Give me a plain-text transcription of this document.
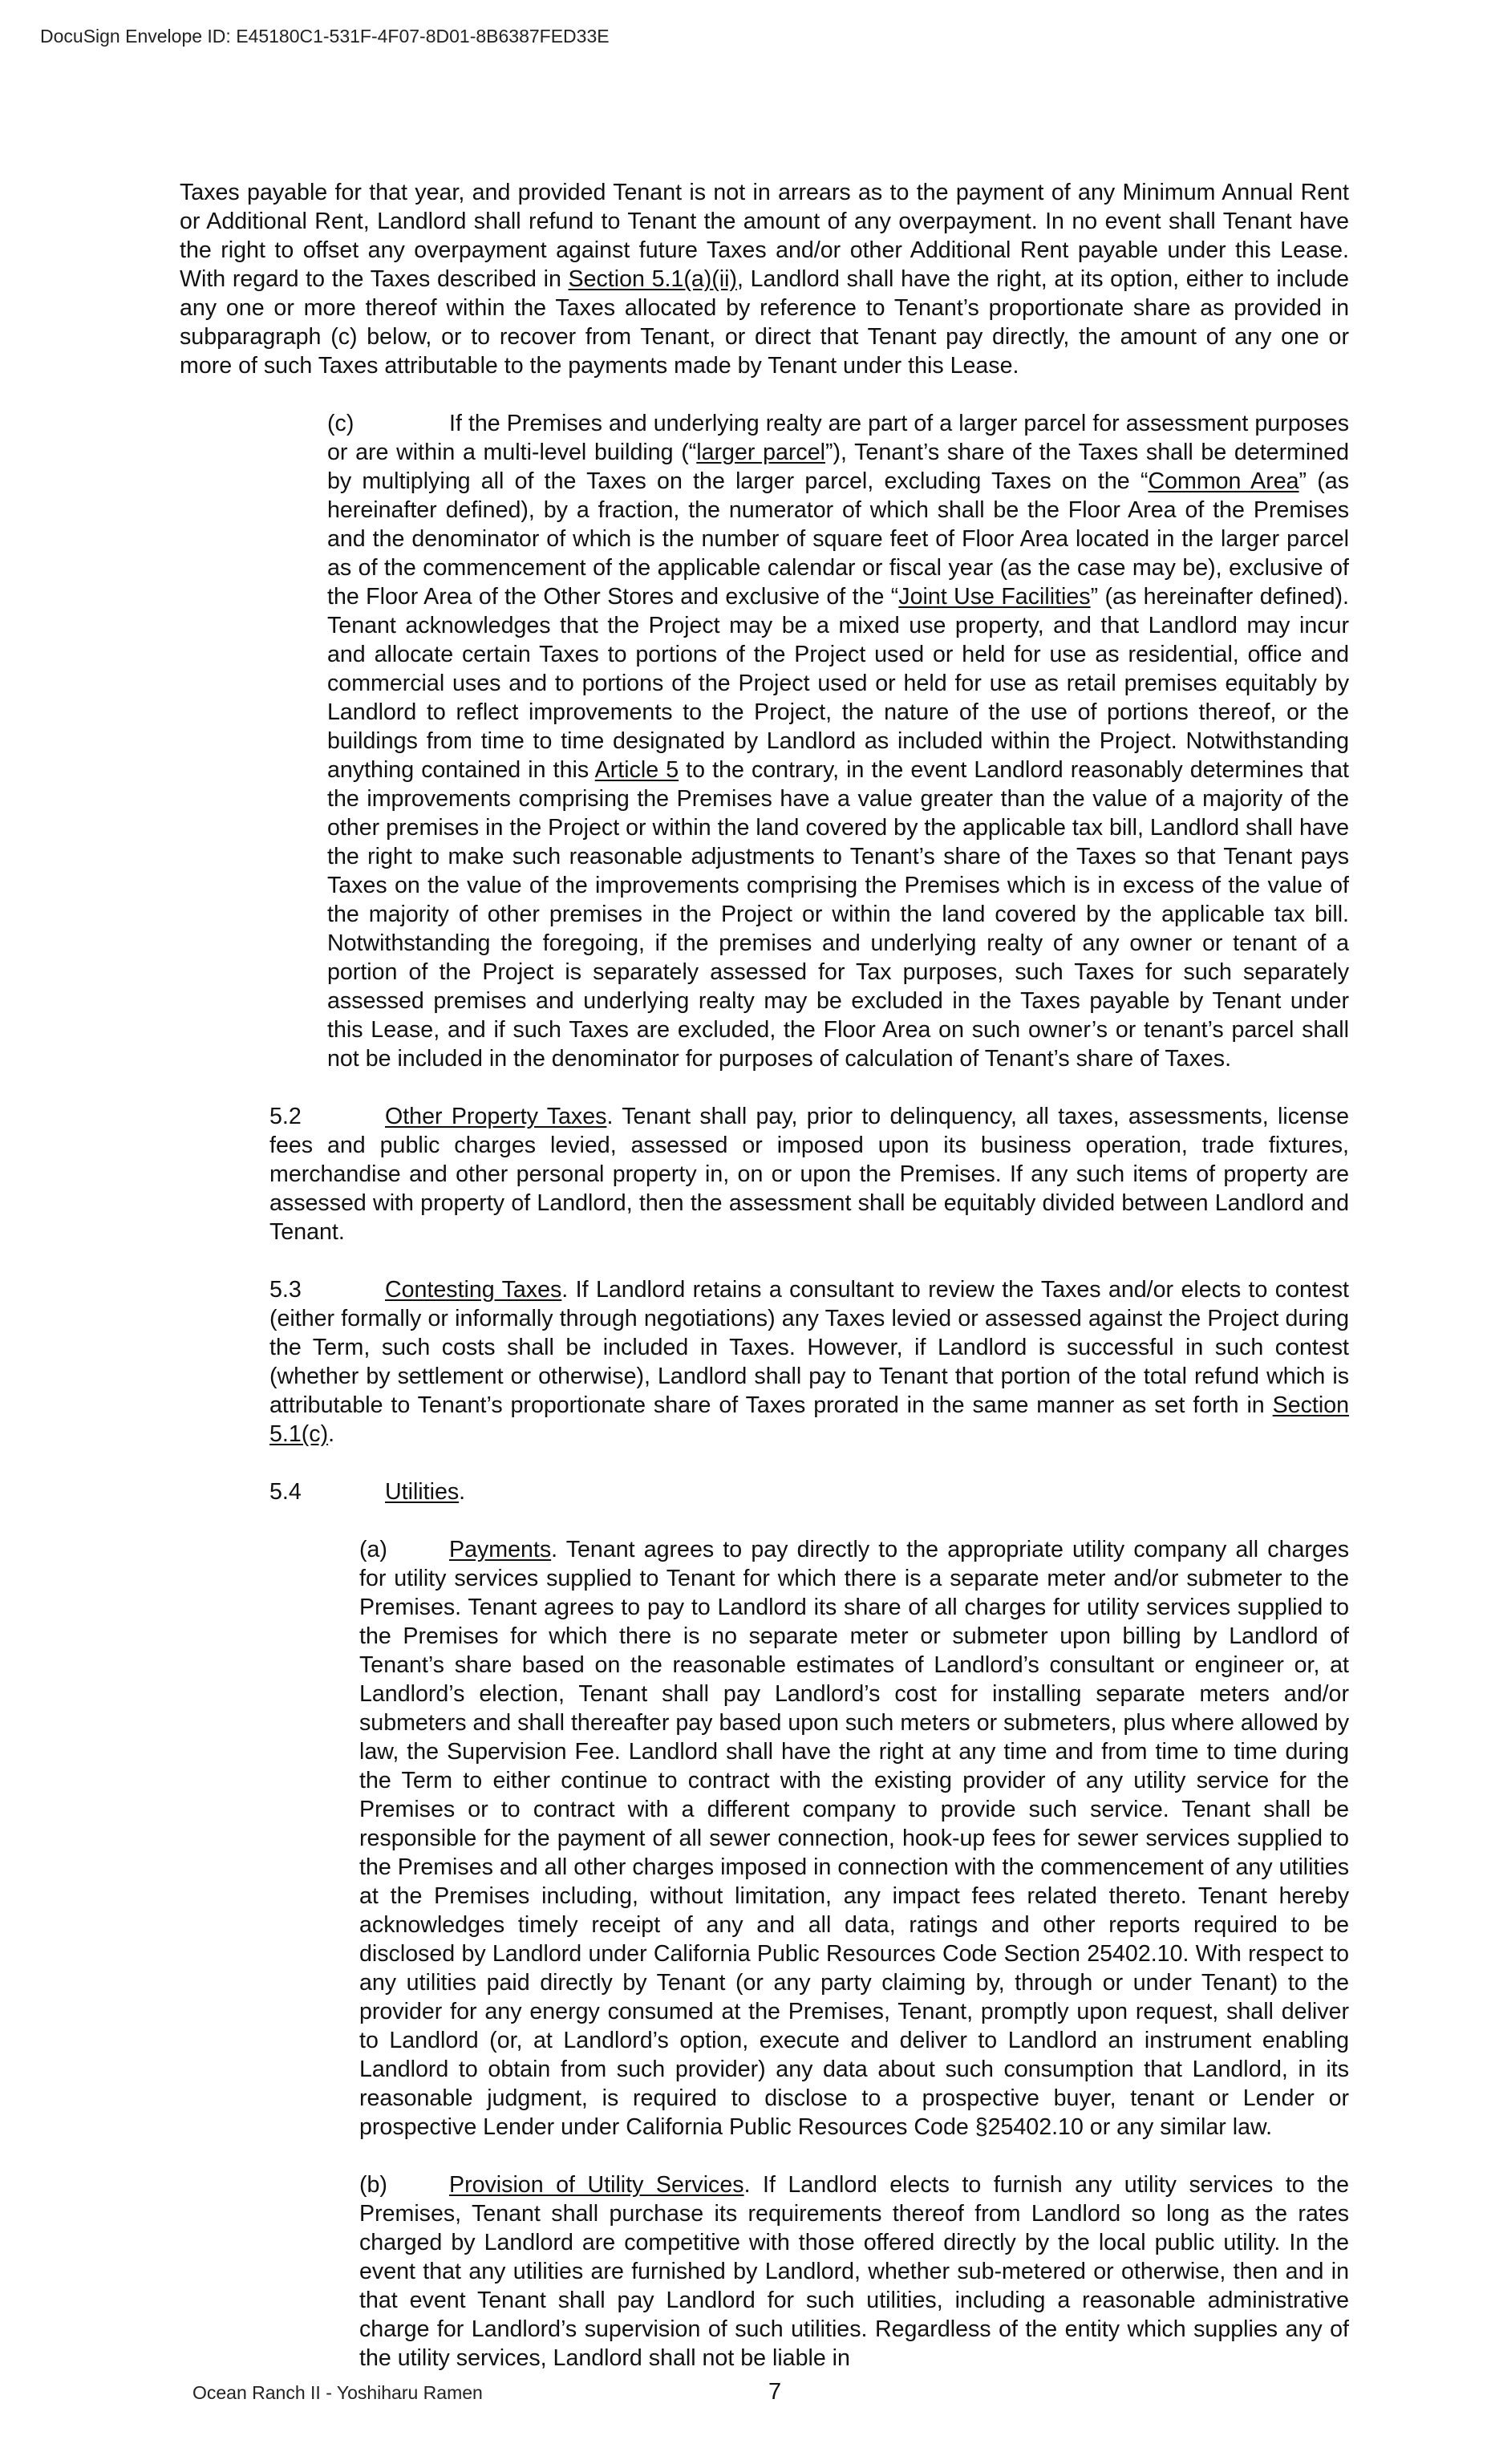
DocuSign Envelope ID: E45180C1-531F-4F07-8D01-8B6387FED33E

Taxes payable for that year, and provided Tenant is not in arrears as to the payment of any Minimum Annual Rent or Additional Rent, Landlord shall refund to Tenant the amount of any overpayment. In no event shall Tenant have the right to offset any overpayment against future Taxes and/or other Additional Rent payable under this Lease. With regard to the Taxes described in Section 5.1(a)(ii), Landlord shall have the right, at its option, either to include any one or more thereof within the Taxes allocated by reference to Tenant’s proportionate share as provided in subparagraph (c) below, or to recover from Tenant, or direct that Tenant pay directly, the amount of any one or more of such Taxes attributable to the payments made by Tenant under this Lease.

(c)	If the Premises and underlying realty are part of a larger parcel for assessment purposes or are within a multi-level building (“larger parcel”), Tenant’s share of the Taxes shall be determined by multiplying all of the Taxes on the larger parcel, excluding Taxes on the “Common Area” (as hereinafter defined), by a fraction, the numerator of which shall be the Floor Area of the Premises and the denominator of which is the number of square feet of Floor Area located in the larger parcel as of the commencement of the applicable calendar or fiscal year (as the case may be), exclusive of the Floor Area of the Other Stores and exclusive of the “Joint Use Facilities” (as hereinafter defined). Tenant acknowledges that the Project may be a mixed use property, and that Landlord may incur and allocate certain Taxes to portions of the Project used or held for use as residential, office and commercial uses and to portions of the Project used or held for use as retail premises equitably by Landlord to reflect improvements to the Project, the nature of the use of portions thereof, or the buildings from time to time designated by Landlord as included within the Project. Notwithstanding anything contained in this Article 5 to the contrary, in the event Landlord reasonably determines that the improvements comprising the Premises have a value greater than the value of a majority of the other premises in the Project or within the land covered by the applicable tax bill, Landlord shall have the right to make such reasonable adjustments to Tenant’s share of the Taxes so that Tenant pays Taxes on the value of the improvements comprising the Premises which is in excess of the value of the majority of other premises in the Project or within the land covered by the applicable tax bill. Notwithstanding the foregoing, if the premises and underlying realty of any owner or tenant of a portion of the Project is separately assessed for Tax purposes, such Taxes for such separately assessed premises and underlying realty may be excluded in the Taxes payable by Tenant under this Lease, and if such Taxes are excluded, the Floor Area on such owner’s or tenant’s parcel shall not be included in the denominator for purposes of calculation of Tenant’s share of Taxes.

5.2	Other Property Taxes. Tenant shall pay, prior to delinquency, all taxes, assessments, license fees and public charges levied, assessed or imposed upon its business operation, trade fixtures, merchandise and other personal property in, on or upon the Premises. If any such items of property are assessed with property of Landlord, then the assessment shall be equitably divided between Landlord and Tenant.

5.3	Contesting Taxes. If Landlord retains a consultant to review the Taxes and/or elects to contest (either formally or informally through negotiations) any Taxes levied or assessed against the Project during the Term, such costs shall be included in Taxes. However, if Landlord is successful in such contest (whether by settlement or otherwise), Landlord shall pay to Tenant that portion of the total refund which is attributable to Tenant’s proportionate share of Taxes prorated in the same manner as set forth in Section 5.1(c).

5.4	Utilities.

(a)	Payments. Tenant agrees to pay directly to the appropriate utility company all charges for utility services supplied to Tenant for which there is a separate meter and/or submeter to the Premises. Tenant agrees to pay to Landlord its share of all charges for utility services supplied to the Premises for which there is no separate meter or submeter upon billing by Landlord of Tenant’s share based on the reasonable estimates of Landlord’s consultant or engineer or, at Landlord’s election, Tenant shall pay Landlord’s cost for installing separate meters and/or submeters and shall thereafter pay based upon such meters or submeters, plus where allowed by law, the Supervision Fee. Landlord shall have the right at any time and from time to time during the Term to either continue to contract with the existing provider of any utility service for the Premises or to contract with a different company to provide such service. Tenant shall be responsible for the payment of all sewer connection, hook-up fees for sewer services supplied to the Premises and all other charges imposed in connection with the commencement of any utilities at the Premises including, without limitation, any impact fees related thereto. Tenant hereby acknowledges timely receipt of any and all data, ratings and other reports required to be disclosed by Landlord under California Public Resources Code Section 25402.10. With respect to any utilities paid directly by Tenant (or any party claiming by, through or under Tenant) to the provider for any energy consumed at the Premises, Tenant, promptly upon request, shall deliver to Landlord (or, at Landlord’s option, execute and deliver to Landlord an instrument enabling Landlord to obtain from such provider) any data about such consumption that Landlord, in its reasonable judgment, is required to disclose to a prospective buyer, tenant or Lender or prospective Lender under California Public Resources Code §25402.10 or any similar law.

(b)	Provision of Utility Services. If Landlord elects to furnish any utility services to the Premises, Tenant shall purchase its requirements thereof from Landlord so long as the rates charged by Landlord are competitive with those offered directly by the local public utility. In the event that any utilities are furnished by Landlord, whether sub-metered or otherwise, then and in that event Tenant shall pay Landlord for such utilities, including a reasonable administrative charge for Landlord’s supervision of such utilities. Regardless of the entity which supplies any of the utility services, Landlord shall not be liable in

Ocean Ranch II - Yoshiharu Ramen	7
